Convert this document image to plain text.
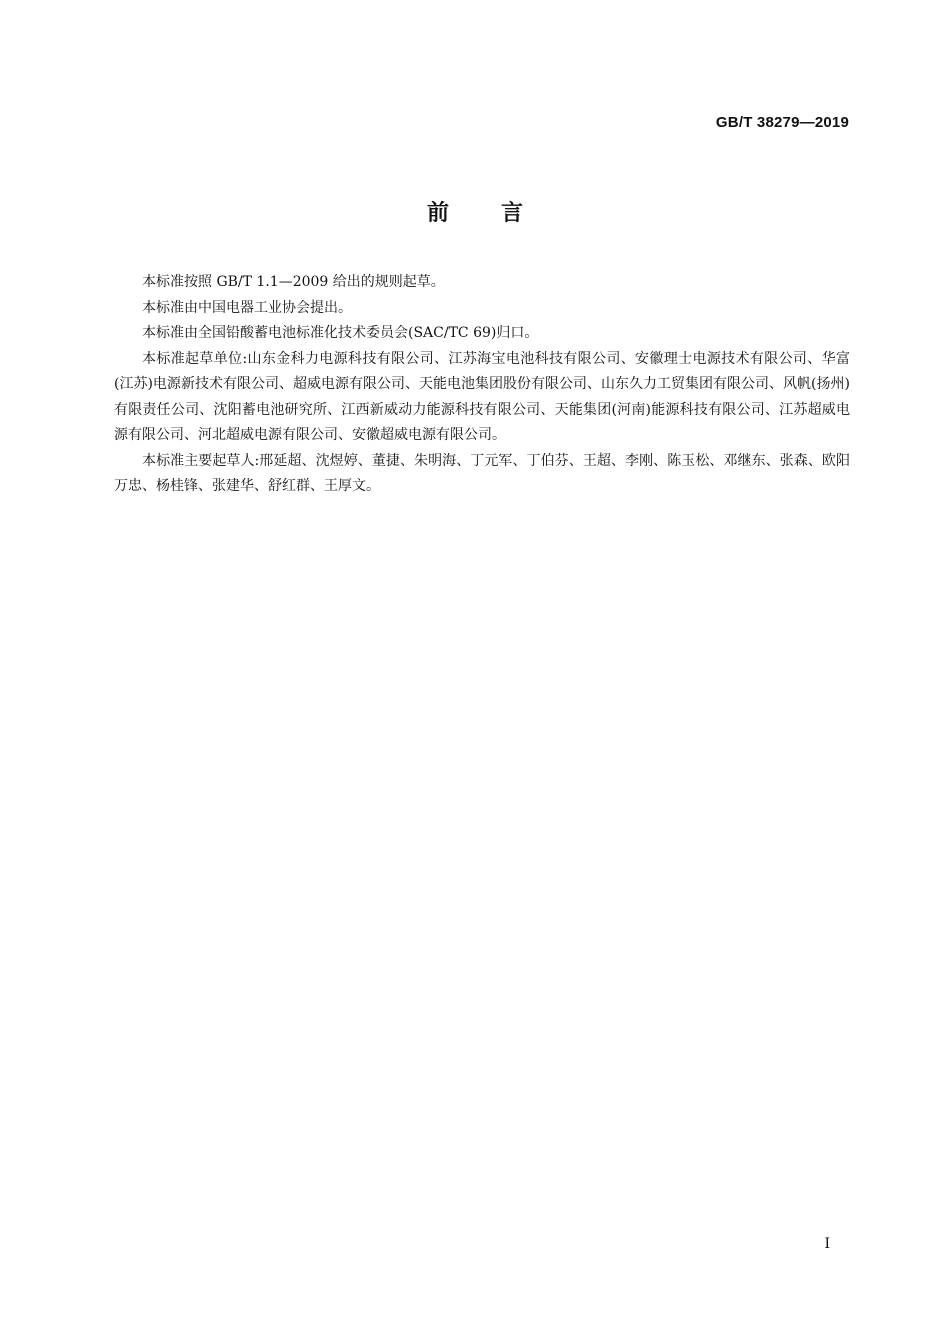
GB/T 38279—2019
前言

本标准按照 GB/T 1.1—2009 给出的规则起草。

本标准由中国电器工业协会提出。

本标准由全国铅酸蓄电池标准化技术委员会(SAC/TC 69)归口。

本标准起草单位:山东金科力电源科技有限公司、江苏海宝电池科技有限公司、安徽理士电源技术有限公司、华富(江苏)电源新技术有限公司、超威电源有限公司、天能电池集团股份有限公司、山东久力工贸集团有限公司、风帆(扬州)有限责任公司、沈阳蓄电池研究所、江西新威动力能源科技有限公司、天能集团(河南)能源科技有限公司、江苏超威电源有限公司、河北超威电源有限公司、安徽超威电源有限公司。

本标准主要起草人:邢延超、沈煜婷、董捷、朱明海、丁元军、丁伯芬、王超、李刚、陈玉松、邓继东、张森、欧阳万忠、杨桂锋、张建华、舒红群、王厚文。

I
